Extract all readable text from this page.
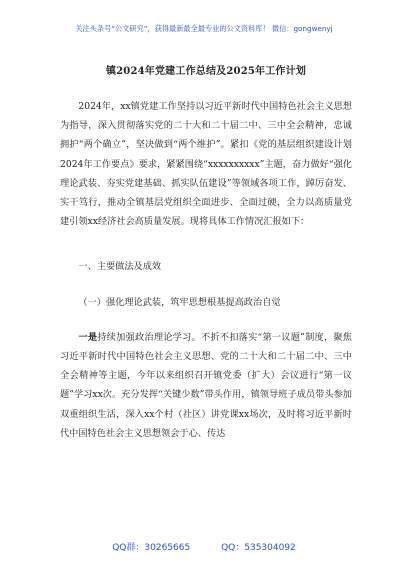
关注头条号“公文研究”，获得最新最全最专业的公文资料库！ 微信：gongwenyj
镇2024年党建工作总结及2025年工作计划

2024年，xx镇党建工作坚持以习近平新时代中国特色社会主义思想为指导，深入贯彻落实党的二十大和二十届二中、三中全会精神，忠诚拥护“两个确立”，坚决做到“两个维护”。紧扣《党的基层组织建设计划2024年工作要点》要求，紧紧围绕“xxxxxxxxxx”主题，奋力做好“强化理论武装、夯实党建基础、抓实队伍建设”等领域各项工作，踔厉奋发、实干笃行，推动全镇基层党组织全面进步、全面过硬，全力以高质量党建引领xx经济社会高质量发展。现将具体工作情况汇报如下：

一、主要做法及成效

（一）强化理论武装，筑牢思想根基提高政治自觉

一是持续加强政治理论学习。不折不扣落实“第一议题”制度，聚焦习近平新时代中国特色社会主义思想、党的二十大和二十届二中、三中全会精神等主题，今年以来组织召开镇党委（扩大）会议进行“第一议题”学习xx次。充分发挥“关键少数”带头作用，镇领导班子成员带头参加双重组织生活，深入xx个村（社区）讲党课xx场次，及时将习近平新时代中国特色社会主义思想领会于心、传达

QQ群：30265665	QQ：535304092
